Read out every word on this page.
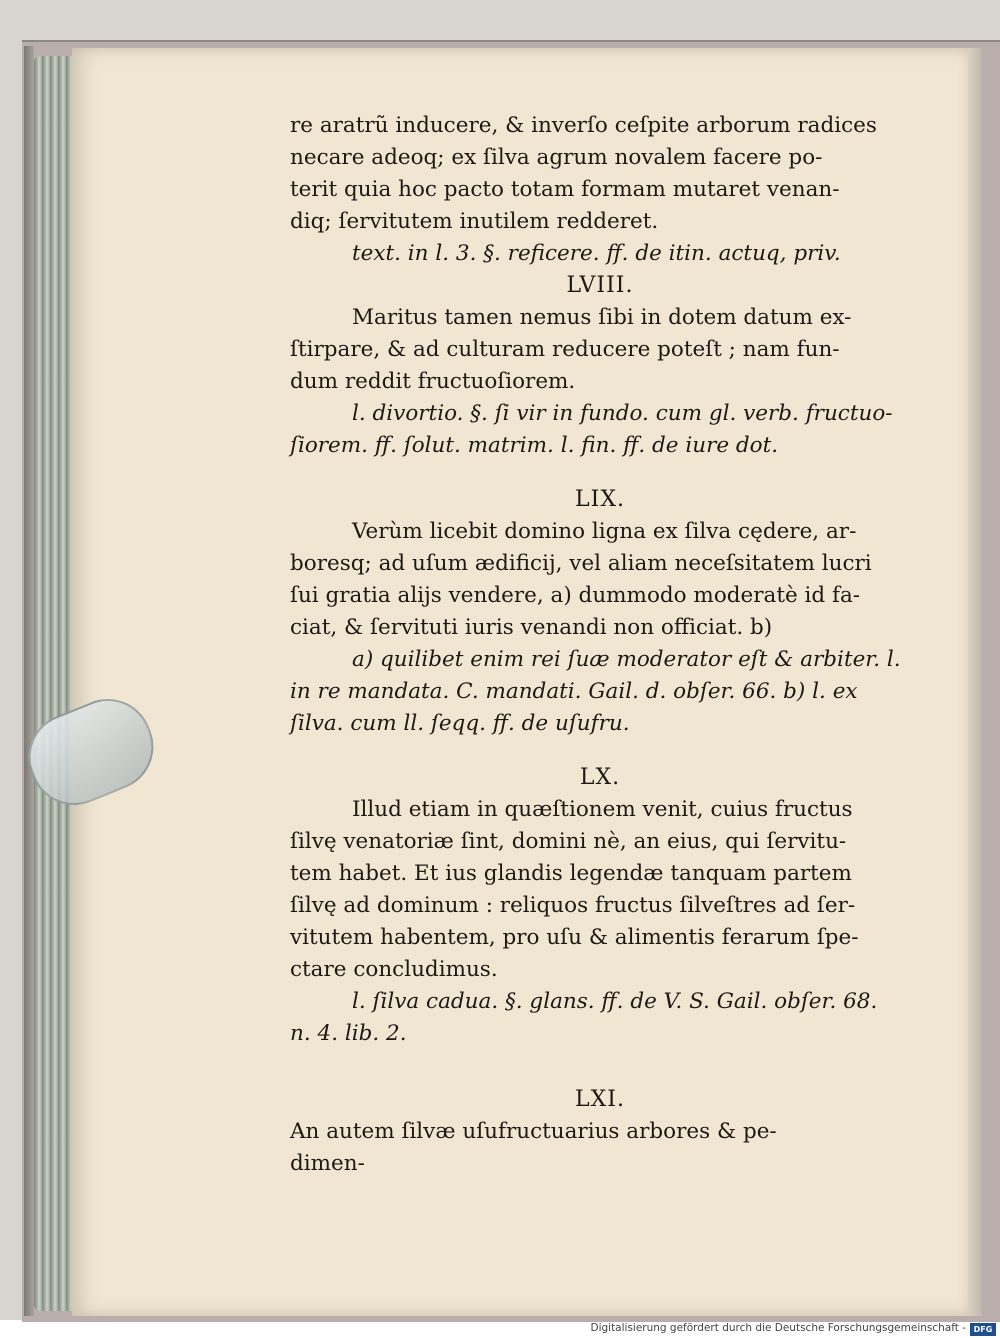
re aratrũ inducere, & inverſo ceſpite arborum radices

necare adeoq; ex ſilva agrum novalem facere po-

terit quia hoc pacto totam formam mutaret venan-

diq; ſervitutem inutilem redderet.

text. in l. 3. §. reficere. ff. de itin. actuq, priv.

LVIII.

Maritus tamen nemus ſibi in dotem datum ex-

ſtirpare, & ad culturam reducere poteſt ; nam fun-

dum reddit fructuoſiorem.

l. divortio. §. ſi vir in fundo. cum gl. verb. fructuo-

ſiorem. ff. ſolut. matrim. l. fin. ff. de iure dot.

LIX.

Verùm licebit domino ligna ex ſilva cędere, ar-

boresq; ad uſum ædificij, vel aliam neceſsitatem lucri

ſui gratia alijs vendere, a) dummodo moderatè id fa-

ciat, & ſervituti iuris venandi non officiat. b)

a) quilibet enim rei ſuæ moderator eſt & arbiter. l.

in re mandata. C. mandati. Gail. d. obſer. 66. b) l. ex

ſilva. cum ll. ſeqq. ff. de uſufru.

LX.

Illud etiam in quæſtionem venit, cuius fructus

ſilvę venatoriæ ſint, domini nè, an eius, qui ſervitu-

tem habet. Et ius glandis legendæ tanquam partem

ſilvę ad dominum : reliquos fructus ſilveſtres ad ſer-

vitutem habentem, pro uſu & alimentis ferarum ſpe-

ctare concludimus.

l. ſilva cadua. §. glans. ff. de V. S. Gail. obſer. 68.

n. 4. lib. 2.

LXI.

An autem ſilvæ uſufructuarius arbores & pe-

dimen-

Digitalisierung gefördert durch die Deutsche Forschungsgemeinschaft - DFG
